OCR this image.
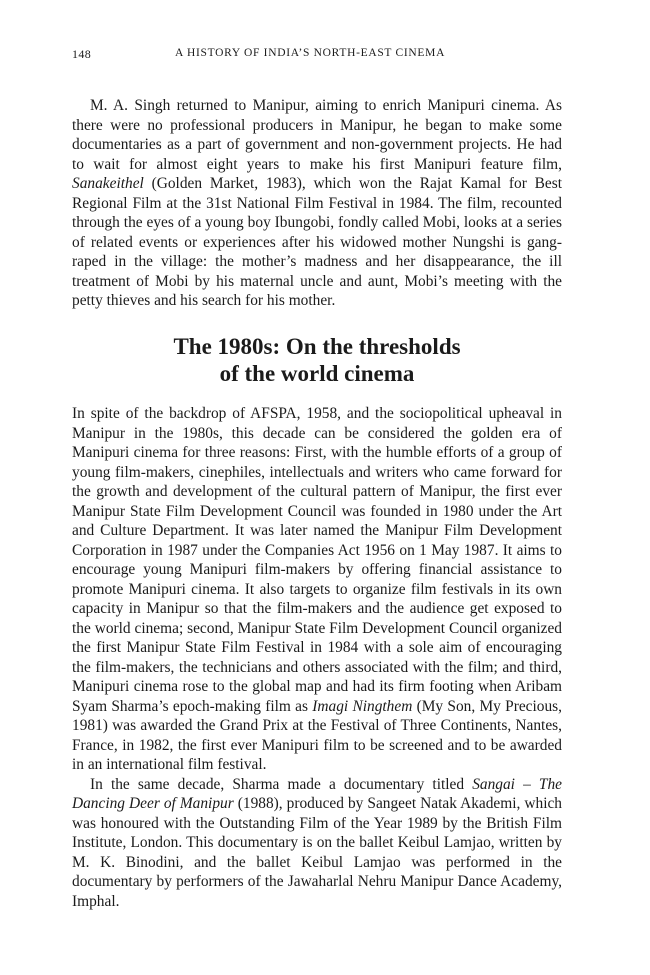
148	A HISTORY OF INDIA’S NORTH-EAST CINEMA

M. A. Singh returned to Manipur, aiming to enrich Manipuri cinema. As there were no professional producers in Manipur, he began to make some documentaries as a part of government and non-government projects. He had to wait for almost eight years to make his first Manipuri feature film, Sanakeithel (Golden Market, 1983), which won the Rajat Kamal for Best Regional Film at the 31st National Film Festival in 1984. The film, recounted through the eyes of a young boy Ibungobi, fondly called Mobi, looks at a series of related events or experiences after his widowed mother Nungshi is gang-raped in the village: the mother’s madness and her disappearance, the ill treatment of Mobi by his maternal uncle and aunt, Mobi’s meeting with the petty thieves and his search for his mother.

The 1980s: On the thresholds
of the world cinema

In spite of the backdrop of AFSPA, 1958, and the sociopolitical upheaval in Manipur in the 1980s, this decade can be considered the golden era of Manipuri cinema for three reasons: First, with the humble efforts of a group of young film-makers, cinephiles, intellectuals and writers who came forward for the growth and development of the cultural pattern of Manipur, the first ever Manipur State Film Development Council was founded in 1980 under the Art and Culture Department. It was later named the Manipur Film Development Corporation in 1987 under the Companies Act 1956 on 1 May 1987. It aims to encourage young Manipuri film-makers by offering financial assistance to promote Manipuri cinema. It also targets to organize film festivals in its own capacity in Manipur so that the film-makers and the audience get exposed to the world cinema; second, Manipur State Film Development Council organized the first Manipur State Film Festival in 1984 with a sole aim of encouraging the film-makers, the technicians and others associated with the film; and third, Manipuri cinema rose to the global map and had its firm footing when Aribam Syam Sharma’s epoch-making film as Imagi Ningthem (My Son, My Precious, 1981) was awarded the Grand Prix at the Festival of Three Continents, Nantes, France, in 1982, the first ever Manipuri film to be screened and to be awarded in an international film festival.

In the same decade, Sharma made a documentary titled Sangai – The Dancing Deer of Manipur (1988), produced by Sangeet Natak Akademi, which was honoured with the Outstanding Film of the Year 1989 by the British Film Institute, London. This documentary is on the ballet Keibul Lamjao, written by M. K. Binodini, and the ballet Keibul Lamjao was performed in the documentary by performers of the Jawaharlal Nehru Manipur Dance Academy, Imphal.
